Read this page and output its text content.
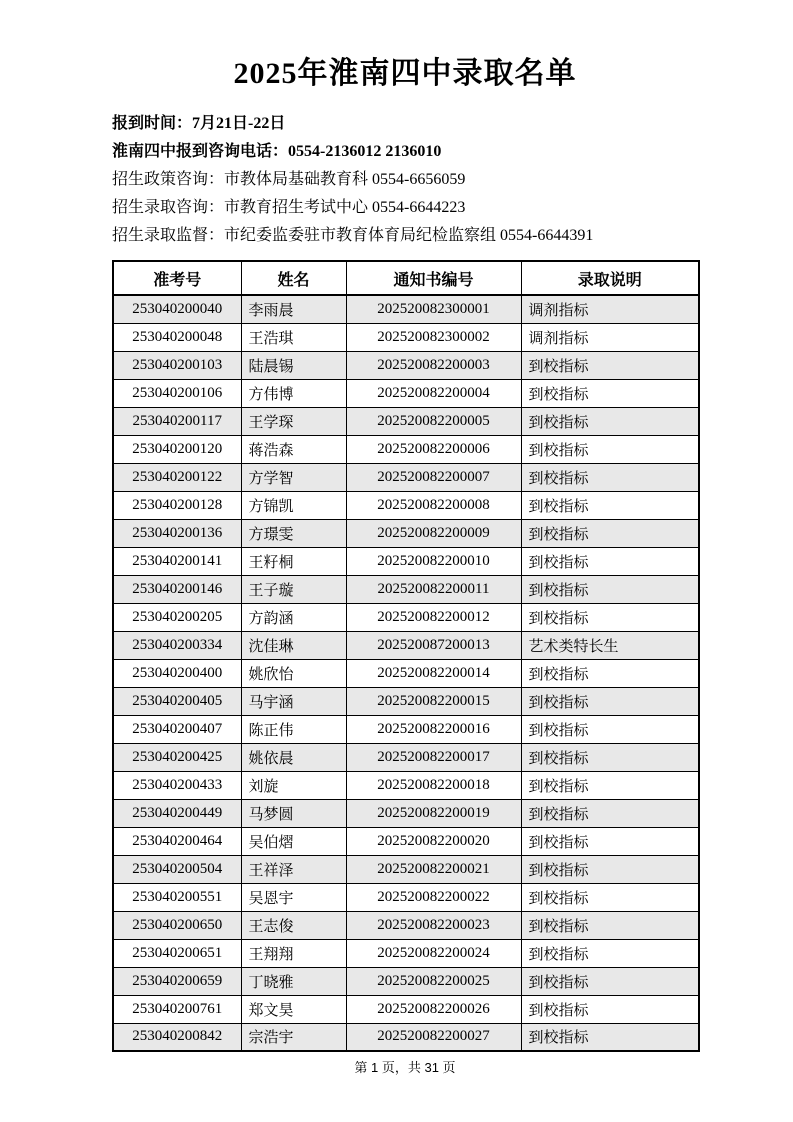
2025年淮南四中录取名单
报到时间：7月21日-22日
淮南四中报到咨询电话：0554-2136012 2136010
招生政策咨询：市教体局基础教育科 0554-6656059
招生录取咨询：市教育招生考试中心 0554-6644223
招生录取监督：市纪委监委驻市教育体育局纪检监察组 0554-6644391
准考号	姓名	通知书编号	录取说明
253040200040	李雨晨	202520082300001	调剂指标
253040200048	王浩琪	202520082300002	调剂指标
253040200103	陆晨锡	202520082200003	到校指标
253040200106	方伟博	202520082200004	到校指标
253040200117	王学琛	202520082200005	到校指标
253040200120	蒋浩森	202520082200006	到校指标
253040200122	方学智	202520082200007	到校指标
253040200128	方锦凯	202520082200008	到校指标
253040200136	方璟雯	202520082200009	到校指标
253040200141	王籽桐	202520082200010	到校指标
253040200146	王子璇	202520082200011	到校指标
253040200205	方韵涵	202520082200012	到校指标
253040200334	沈佳琳	202520087200013	艺术类特长生
253040200400	姚欣怡	202520082200014	到校指标
253040200405	马宇涵	202520082200015	到校指标
253040200407	陈正伟	202520082200016	到校指标
253040200425	姚依晨	202520082200017	到校指标
253040200433	刘旋	202520082200018	到校指标
253040200449	马梦圆	202520082200019	到校指标
253040200464	吴伯熠	202520082200020	到校指标
253040200504	王祥泽	202520082200021	到校指标
253040200551	吴恩宇	202520082200022	到校指标
253040200650	王志俊	202520082200023	到校指标
253040200651	王翔翔	202520082200024	到校指标
253040200659	丁晓雅	202520082200025	到校指标
253040200761	郑文昊	202520082200026	到校指标
253040200842	宗浩宇	202520082200027	到校指标
第 1 页，共 31 页
